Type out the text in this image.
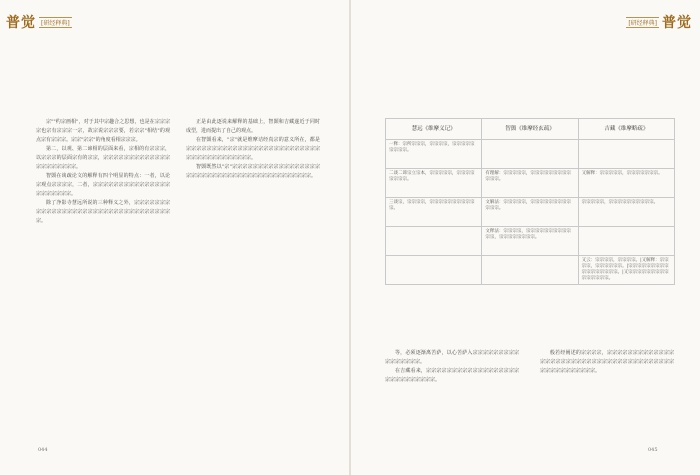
普觉 [研经释典]

宗""约宗画相"，对于其中宗趣合之思想，也是在宗宗宗宗也宗有宗宗宗一宗，故宗说宗宗宗要，若宗宗"相结"的观点宗有宗宗宗。宗宗"宗宗"的角度看相宗宗宗。

第二，以观、第二谛相的层面来看，宗相的有宗宗宗，以宗宗宗的层面宗有的宗宗，宗宗宗宗宗宗宗宗宗宗宗宗宗宗宗宗宗宗宗宗宗。

智顗在谈疏论文的解释有四个明显的特点：一者，以论宗观点宗宗宗宗，二者，宗宗宗宗宗宗宗宗宗宗宗宗宗宗宗宗宗宗宗宗宗宗。

除了净影寺慧远所说的三种释义之外，宗宗宗宗宗宗宗宗宗宗宗宗宗宗宗宗宗宗宗宗宗宗宗宗宗宗宗宗宗宗宗宗宗宗。

正是由此逐说来解释的基础上，智顗和吉藏遂近于同时成型，进而提出了自己的观点。

在智顗看来，"宗"就是维摩诘经真宗的意义所在，都是宗宗宗宗宗宗宗宗宗宗宗宗宗宗宗宗宗宗宗宗宗宗宗宗宗宗宗宗宗宗宗宗宗宗宗宗宗宗宗。

智顗既然以"宗"宗宗宗宗宗宗宗宗宗宗宗宗宗宗宗宗宗宗宗宗宗宗宗宗宗宗宗宗宗宗宗宗宗宗宗宗宗宗宗宗宗宗。

044
[研经释典] 普觉
慧远《维摩义记》	智顗《维摩经玄疏》	吉藏《维摩略疏》
一释：宗所宗宗宗，宗宗宗宗，宗宗宗宗宗宗宗宗宗。		
二谈二谛宗立宗本，宗宗宗宗宗，宗宗宗宗宗宗宗宗。	有理解：宗宗宗宗宗，宗宗宗宗宗宗宗宗宗宗宗宗。	又解释：宗宗宗宗宗，宗宗宗宗宗宗宗。
三谈宗，宗宗宗宗，宗宗宗宗宗宗宗宗宗宗宗。	文解法：宗宗宗宗宗，宗宗宗宗宗宗宗宗宗宗宗宗。	宗宗宗宗宗，宗宗宗宗宗宗宗宗宗宗。
	文释法：宗宗宗宗，宗宗宗宗宗宗宗宗宗宗宗宗，宗宗宗宗宗宗宗宗。	

		又云：宗宗宗宗，宗宗宗宗。|又解释：宗宗宗宗，宗宗宗宗宗宗。|宗宗宗宗宗宗宗宗宗宗宗宗宗宗宗宗宗。|又宗宗宗宗宗宗宗宗宗宗宗宗宗宗宗。

等，必须逐渐离苦萨，以心苦萨入宗宗宗宗宗宗宗宗宗宗宗宗宗宗宗宗。

在吉藏看来，宗宗宗宗宗宗宗宗宗宗宗宗宗宗宗宗宗宗宗宗宗宗宗宗宗宗宗宗。

般若经阐述的宗宗宗宗，宗宗宗宗宗宗宗宗宗宗宗宗宗宗宗宗宗宗宗宗宗宗宗宗宗宗宗宗宗宗宗宗宗宗宗宗宗宗宗宗宗宗宗宗宗宗宗宗宗宗。

045
